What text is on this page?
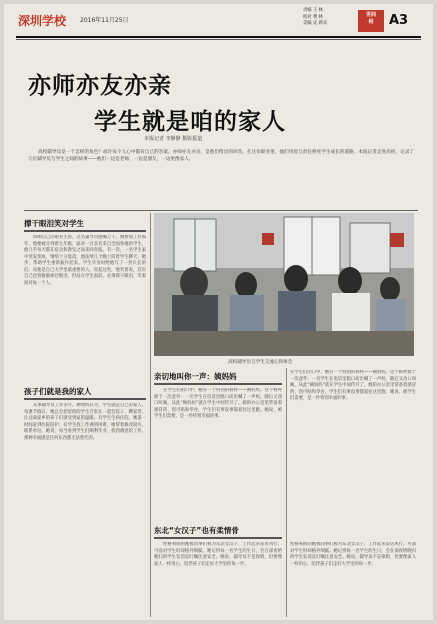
深圳学校 2016年11月25日
责编 王 林
校对 曹 林
美编 史 新宾
世间
相	A3
亦师亦友亦亲
学生就是咱的家人
本报记者 李静静 摄影报道
高校辅导员是一个怎样的角色？或许每个人心中都有自己的答案。亦师亦友亦亲，是他们给出的回答。在这份职业里，他们用爱与责任照亮学生成长的道路。本报记者走进高校，记录了几位辅导员与学生之间的故事——他们一边是老师，一边是朋友，一边更像家人。
撑干眼泪笑对学生
回顾自己的职业生涯，这名辅导员感慨万千。刚参加工作那年，他便被分到新生年级，面对一百多名来自全国各地的学生，他几乎每天都在宿舍和教室之间来回奔波。有一次，一名学生家中突发变故，情绪十分低落，他连续几个晚上陪着学生聊天、散步，帮助学生重新振作起来。学生毕业时给他写了一封长长的信，说他是自己大学里最重要的人。说起这些，他笑着说，其实自己也曾偷偷掉过眼泪，但站在学生面前，必须撑干眼泪，笑着面对每一个人。
孩子们就是我的家人
从事辅导员工作多年，她始终认为，学生就是自己的家人。每逢节假日，她总会把留校的学生召集在一起包饺子、聊家常，让远离家乡的孩子们感受到家的温暖。有学生生病住院，她第一时间赶到医院陪护；有学生找工作遇到困难，她帮着修改简历、联系单位。她说，每当看到学生们顺利毕业、找到满意的工作，那种幸福感是任何东西都无法替代的。
高校辅导员与学生交流心得体会
亲切地叫你一声：姨妈妈
在学生们的口中，她有一个特别的称呼——姨妈妈。这个称呼源于一次意外：一名学生在电话里脱口而出喊了一声妈，随后又改口叫姨，从此“姨妈妈”就在学生中间传开了。她的办公室里常备着感冒药、创可贴和零食，学生们有事没事都爱往这里跑。她说，被学生们需要，是一件特别幸福的事。
东北“女汉子”也有柔情骨
性格爽朗的她被同事们称为东北女汉子，工作起来雷厉风行，可面对学生时却格外细腻。她记得每一名学生的生日，会在深夜给晚归的学生发消息叮嘱注意安全。她说，辅导员不是保姆，但要像家人一样用心，陪伴孩子们走好大学里的每一步。
在学生们的口中，她有一个特别的称呼——姨妈妈。这个称呼源于一次意外：一名学生在电话里脱口而出喊了一声妈，随后又改口叫姨，从此“姨妈妈”就在学生中间传开了。她的办公室里常备着感冒药、创可贴和零食，学生们有事没事都爱往这里跑。她说，被学生们需要，是一件特别幸福的事。
性格爽朗的她被同事们称为东北女汉子，工作起来雷厉风行，可面对学生时却格外细腻。她记得每一名学生的生日，会在深夜给晚归的学生发消息叮嘱注意安全。她说，辅导员不是保姆，但要像家人一样用心，陪伴孩子们走好大学里的每一步。
